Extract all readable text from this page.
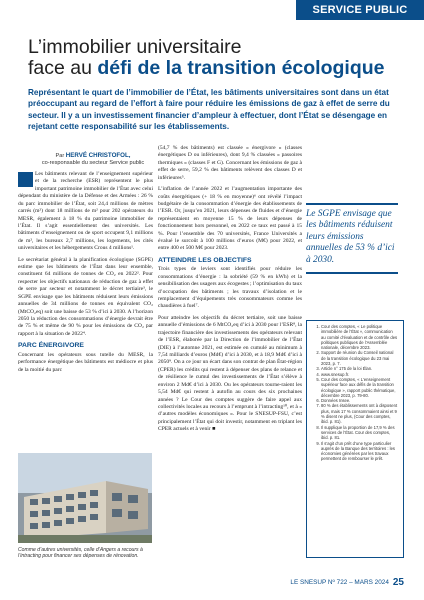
SERVICE PUBLIC
L’immobilier universitaire
face au défi de la transition écologique
Représentant le quart de l’immobilier de l’État, les bâtiments universitaires sont dans un état préoccupant au regard de l’effort à faire pour réduire les émissions de gaz à effet de serre du secteur. Il y a un investissement financier d’ampleur à effectuer, dont l’État se désengage en rejetant cette responsabilité sur les établissements.
Par HERVÉ CHRISTOFOL,
co-responsable du secteur Service public

Les bâtiments relevant de l’enseignement supérieur et de la recherche (ESR) représentent le plus important patrimoine immobilier de l’État avec celui dépendant du ministère de la Défense et des Armées : 26 % du parc immobilier de l’État, soit 24,4 millions de mètres carrés (m²) dont 18 millions de m² pour 202 opérateurs du MESR, également à 18 % du patrimoine immobilier de l’État. Il s’agit essentiellement des universités. Les bâtiments d’enseignement ou de sport occupent 9,1 millions de m², les bureaux 2,7 millions, les logements, les cités universitaires et les hébergements Crous 4 millions¹.

Le secrétariat général à la planification écologique (SGPE) estime que les bâtiments de l’État dans leur ensemble, constituent 64 millions de tonnes de CO₂ en 2022². Pour respecter les objectifs nationaux de réduction de gaz à effet de serre par secteur et notamment le décret tertiaire³, le SGPE envisage que les bâtiments réduisent leurs émissions annuelles de 34 millions de tonnes en équivalent CO₂ (MtCO₂eq) soit une baisse de 53 % d’ici à 2030. A l’horizon 2050 la réduction des consommations d’énergie devrait être de 75 % et même de 90 % pour les émissions de CO₂ par rapport à la situation de 2022⁴.

PARC ÉNERGIVORE

Concernant les opérateurs sous tutelle du MESR, la performance énergétique des bâtiments est médiocre et plus de la moitié du parc

Comme d’autres universités, celle d’Angers a recours à l’intracting pour financer ses dépenses de rénovation.

(54,7 % des bâtiments) est classée « énergivore » (classes énergétiques D ou inférieures), dont 9,4 % classées « passoires thermiques » (classes F et G). Concernant les émissions de gaz à effet de serre, 59,2 % des bâtiments relèvent des classes D et inférieures⁵.

L’inflation de l’année 2022 et l’augmentation importante des coûts énergétiques (+ 18 % en moyenne)⁶ ont révélé l’impact budgétaire de la consommation d’énergie des établissements de l’ESR. Or, jusqu’en 2021, leurs dépenses de fluides et d’énergie représentaient en moyenne 15 % de leurs dépenses de fonctionnement hors personnel, en 2022 ce taux est passé à 15 %. Pour l’ensemble des 70 universités, France Universités a évalué le surcoût à 100 millions d’euros (M€) pour 2022, et entre 400 et 500 M€ pour 2023.

ATTEINDRE LES OBJECTIFS

Trois types de leviers sont identifiés pour réduire les consommations d’énergie : la sobriété (59 % en kWh) et la sensibilisation des usagers aux écogestes ; l’optimisation du taux d’occupation des bâtiments ; les travaux d’isolation et le remplacement d’équipements très consommateurs comme les chaudières à fuel⁷.

Pour atteindre les objectifs du décret tertiaire, soit une baisse annuelle d’émissions de 6 MtCO₂eq d’ici à 2030 pour l’ESR⁸, la trajectoire financière des investissements des opérateurs relevant de l’ESR, élaborée par la Direction de l’immobilier de l’État (DIE) à l’automne 2021, est estimée en cumulé au minimum à 7,54 milliards d’euros (Md€) d’ici à 2030, et à 18,9 Md€ d’ici à 2050⁹. On a ce jour un écart dans son contrat de plan État-région (CPER) les crédits qui restent à dépenser des plans de relance et de résilience le cumul des investissements de l’État s’élève à environ 2 Md€ d’ici à 2030. Ou les opérateurs tourne-raient les 5,54 Md€ qui restent à autofin au cours des six prochaines années ? Le Cour des comptes suggère de faire appel aux collectivités locales au recours à l’emprunt à l’intracting¹⁰, et à « d’autres modèles économiques ». Pour le SNESUP-FSU, c’est principalement l’État qui doit investir, notamment en triplant les CPER actuels et à venir ■

Le SGPE envisage que les bâtiments réduisent leurs émissions annuelles de 53 % d’ici à 2030.
1. Cour des comptes, « Le politique immobilière de l’État », communication au comité d’évaluation et de contrôle des politiques publiques de l’Assemblée nationale, décembre 2023.
2. Support de réunion du Conseil national de la transition écologique du 23 mai 2023, p. 7.
3. Article n° 175 de la loi Élan.
4. www.snesup.fr.
5. Cour des comptes, « L’enseignement supérieur face aux défis de la transition écologique », rapport public thématique, décembre 2023, p. 79-80.
6. Données Insee.
7. 80 % des établissements ont à disposent plus, mais 17 % consommaient ainsi et 9 % disent ne plus, (Cour des comptes, ibid. p. 81).
8. Il supplique la proportion de 17,9 % des services de l’État. Cour des comptes, ibid. p. 81.
9. Il s’agit d’un prêt d’une type particulier auprès de la Banque des territoires : les économies générées par les travaux permettent de rembourser le prêt.
LE SNESUP Nº 722 – MARS 2024 25
